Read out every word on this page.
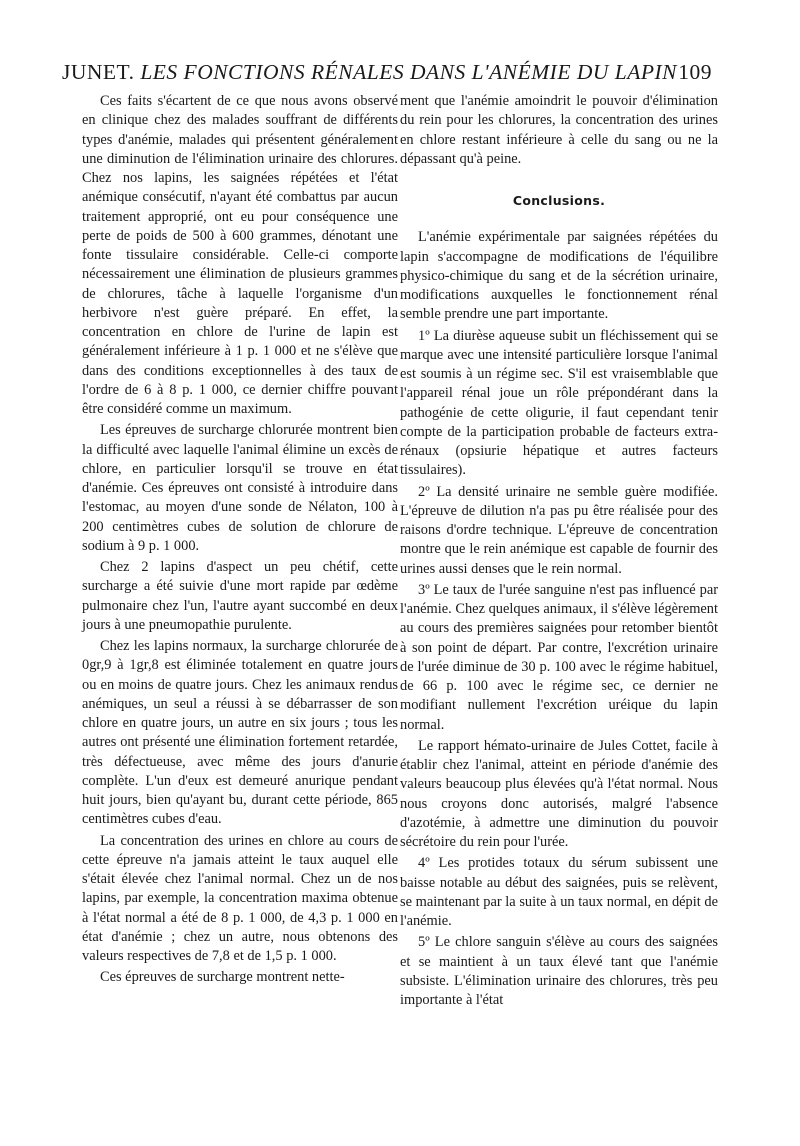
JUNET. LES FONCTIONS RÉNALES DANS L'ANÉMIE DU LAPIN 109

Ces faits s'écartent de ce que nous avons observé en clinique chez des malades souffrant de différents types d'anémie, malades qui présentent généralement une diminution de l'élimination urinaire des chlorures. Chez nos lapins, les saignées répétées et l'état anémique consécutif, n'ayant été combattus par aucun traitement approprié, ont eu pour conséquence une perte de poids de 500 à 600 grammes, dénotant une fonte tissulaire considérable. Celle-ci comporte nécessairement une élimination de plusieurs grammes de chlorures, tâche à laquelle l'organisme d'un herbivore n'est guère préparé. En effet, la concentration en chlore de l'urine de lapin est généralement inférieure à 1 p. 1 000 et ne s'élève que dans des conditions exceptionnelles à des taux de l'ordre de 6 à 8 p. 1 000, ce dernier chiffre pouvant être considéré comme un maximum.

Les épreuves de surcharge chlorurée montrent bien la difficulté avec laquelle l'animal élimine un excès de chlore, en particulier lorsqu'il se trouve en état d'anémie. Ces épreuves ont consisté à introduire dans l'estomac, au moyen d'une sonde de Nélaton, 100 à 200 centimètres cubes de solution de chlorure de sodium à 9 p. 1 000.

Chez 2 lapins d'aspect un peu chétif, cette surcharge a été suivie d'une mort rapide par œdème pulmonaire chez l'un, l'autre ayant succombé en deux jours à une pneumopathie purulente.

Chez les lapins normaux, la surcharge chlorurée de 0gr,9 à 1gr,8 est éliminée totalement en quatre jours ou en moins de quatre jours. Chez les animaux rendus anémiques, un seul a réussi à se débarrasser de son chlore en quatre jours, un autre en six jours ; tous les autres ont présenté une élimination fortement retardée, très défectueuse, avec même des jours d'anurie complète. L'un d'eux est demeuré anurique pendant huit jours, bien qu'ayant bu, durant cette période, 865 centimètres cubes d'eau.

La concentration des urines en chlore au cours de cette épreuve n'a jamais atteint le taux auquel elle s'était élevée chez l'animal normal. Chez un de nos lapins, par exemple, la concentration maxima obtenue à l'état normal a été de 8 p. 1 000, de 4,3 p. 1 000 en état d'anémie ; chez un autre, nous obtenons des valeurs respectives de 7,8 et de 1,5 p. 1 000.

Ces épreuves de surcharge montrent nette-

ment que l'anémie amoindrit le pouvoir d'élimination du rein pour les chlorures, la concentration des urines en chlore restant inférieure à celle du sang ou ne la dépassant qu'à peine.

Conclusions.

L'anémie expérimentale par saignées répétées du lapin s'accompagne de modifications de l'équilibre physico-chimique du sang et de la sécrétion urinaire, modifications auxquelles le fonctionnement rénal semble prendre une part importante.

1º La diurèse aqueuse subit un fléchissement qui se marque avec une intensité particulière lorsque l'animal est soumis à un régime sec. S'il est vraisemblable que l'appareil rénal joue un rôle prépondérant dans la pathogénie de cette oligurie, il faut cependant tenir compte de la participation probable de facteurs extra-rénaux (opsiurie hépatique et autres facteurs tissulaires).

2º La densité urinaire ne semble guère modifiée. L'épreuve de dilution n'a pas pu être réalisée pour des raisons d'ordre technique. L'épreuve de concentration montre que le rein anémique est capable de fournir des urines aussi denses que le rein normal.

3º Le taux de l'urée sanguine n'est pas influencé par l'anémie. Chez quelques animaux, il s'élève légèrement au cours des premières saignées pour retomber bientôt à son point de départ. Par contre, l'excrétion urinaire de l'urée diminue de 30 p. 100 avec le régime habituel, de 66 p. 100 avec le régime sec, ce dernier ne modifiant nullement l'excrétion uréique du lapin normal.

Le rapport hémato-urinaire de Jules Cottet, facile à établir chez l'animal, atteint en période d'anémie des valeurs beaucoup plus élevées qu'à l'état normal. Nous nous croyons donc autorisés, malgré l'absence d'azotémie, à admettre une diminution du pouvoir sécrétoire du rein pour l'urée.

4º Les protides totaux du sérum subissent une baisse notable au début des saignées, puis se relèvent, se maintenant par la suite à un taux normal, en dépit de l'anémie.

5º Le chlore sanguin s'élève au cours des saignées et se maintient à un taux élevé tant que l'anémie subsiste. L'élimination urinaire des chlorures, très peu importante à l'état
